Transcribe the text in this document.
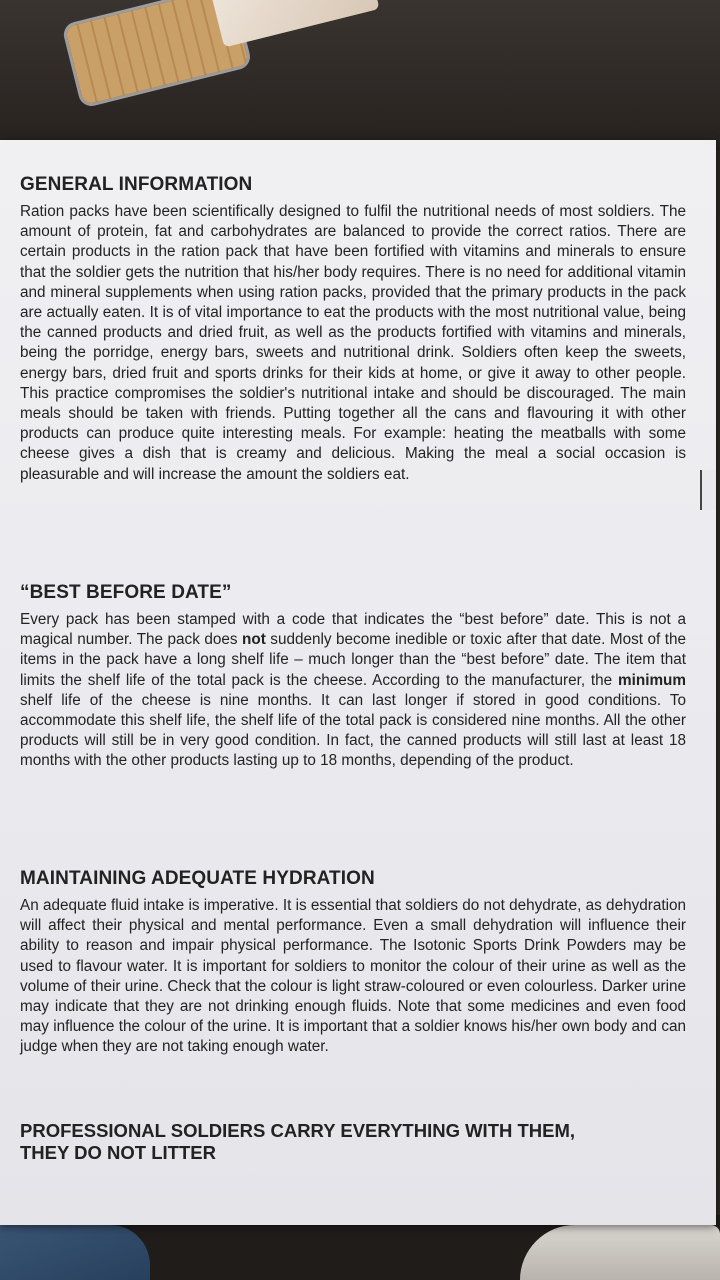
GENERAL INFORMATION

Ration packs have been scientifically designed to fulfil the nutritional needs of most soldiers. The amount of protein, fat and carbohydrates are balanced to provide the correct ratios. There are certain products in the ration pack that have been fortified with vitamins and minerals to ensure that the soldier gets the nutrition that his/her body requires. There is no need for additional vitamin and mineral supplements when using ration packs, provided that the primary products in the pack are actually eaten. It is of vital importance to eat the products with the most nutritional value, being the canned products and dried fruit, as well as the products fortified with vitamins and minerals, being the porridge, energy bars, sweets and nutritional drink. Soldiers often keep the sweets, energy bars, dried fruit and sports drinks for their kids at home, or give it away to other people. This practice compromises the soldier's nutritional intake and should be discouraged. The main meals should be taken with friends. Putting together all the cans and flavouring it with other products can produce quite interesting meals. For example: heating the meatballs with some cheese gives a dish that is creamy and delicious. Making the meal a social occasion is pleasurable and will increase the amount the soldiers eat.

“BEST BEFORE DATE”

Every pack has been stamped with a code that indicates the “best before” date. This is not a magical number. The pack does not suddenly become inedible or toxic after that date. Most of the items in the pack have a long shelf life – much longer than the “best before” date. The item that limits the shelf life of the total pack is the cheese. According to the manufacturer, the minimum shelf life of the cheese is nine months. It can last longer if stored in good conditions. To accommodate this shelf life, the shelf life of the total pack is considered nine months. All the other products will still be in very good condition. In fact, the canned products will still last at least 18 months with the other products lasting up to 18 months, depending of the product.

MAINTAINING ADEQUATE HYDRATION

An adequate fluid intake is imperative. It is essential that soldiers do not dehydrate, as dehydration will affect their physical and mental performance. Even a small dehydration will influence their ability to reason and impair physical performance. The Isotonic Sports Drink Powders may be used to flavour water. It is important for soldiers to monitor the colour of their urine as well as the volume of their urine. Check that the colour is light straw-coloured or even colourless. Darker urine may indicate that they are not drinking enough fluids. Note that some medicines and even food may influence the colour of the urine. It is important that a soldier knows his/her own body and can judge when they are not taking enough water.

PROFESSIONAL SOLDIERS CARRY EVERYTHING WITH THEM,
THEY DO NOT LITTER
